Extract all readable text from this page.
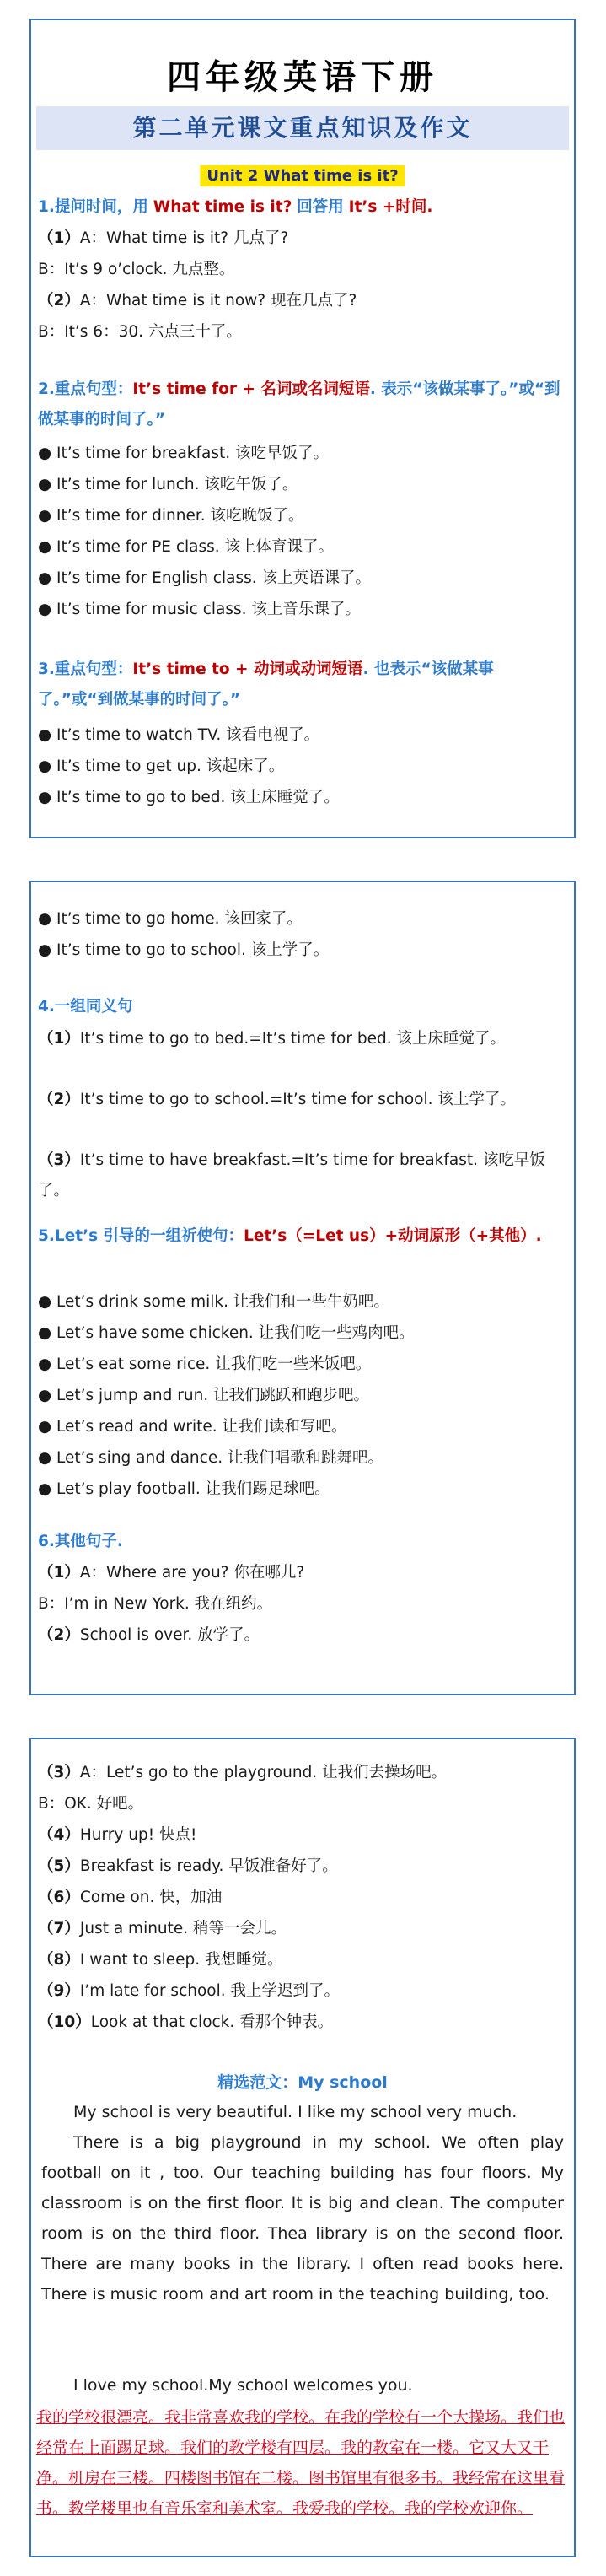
四年级英语下册
第二单元课文重点知识及作文
Unit 2 What time is it?
1.提问时间，用 What time is it? 回答用 It’s +时间.
（1）A：What time is it? 几点了?
B：It’s 9 o’clock. 九点整。
（2）A：What time is it now? 现在几点了?
B：It’s 6：30. 六点三十了。
2.重点句型：It’s time for + 名词或名词短语. 表示“该做某事了。”或“到做某事的时间了。”
● It’s time for breakfast. 该吃早饭了。
● It’s time for lunch. 该吃午饭了。
● It’s time for dinner. 该吃晚饭了。
● It’s time for PE class. 该上体育课了。
● It’s time for English class. 该上英语课了。
● It’s time for music class. 该上音乐课了。
3.重点句型：It’s time to + 动词或动词短语. 也表示“该做某事了。”或“到做某事的时间了。”
● It’s time to watch TV. 该看电视了。
● It’s time to get up. 该起床了。
● It’s time to go to bed. 该上床睡觉了。
● It’s time to go home. 该回家了。
● It’s time to go to school. 该上学了。
4.一组同义句
（1）It’s time to go to bed.=It’s time for bed. 该上床睡觉了。
（2）It’s time to go to school.=It’s time for school. 该上学了。
（3）It’s time to have breakfast.=It’s time for breakfast. 该吃早饭了。
5.Let’s 引导的一组祈使句：Let’s（=Let us）+动词原形（+其他）.
● Let’s drink some milk. 让我们和一些牛奶吧。
● Let’s have some chicken. 让我们吃一些鸡肉吧。
● Let’s eat some rice. 让我们吃一些米饭吧。
● Let’s jump and run. 让我们跳跃和跑步吧。
● Let’s read and write. 让我们读和写吧。
● Let’s sing and dance. 让我们唱歌和跳舞吧。
● Let’s play football. 让我们踢足球吧。
6.其他句子.
（1）A：Where are you? 你在哪儿?
B：I’m in New York. 我在纽约。
（2）School is over. 放学了。
（3）A：Let’s go to the playground. 让我们去操场吧。
B：OK. 好吧。
（4）Hurry up! 快点!
（5）Breakfast is ready. 早饭准备好了。
（6）Come on. 快，加油
（7）Just a minute. 稍等一会儿。
（8）I want to sleep. 我想睡觉。
（9）I’m late for school. 我上学迟到了。
（10）Look at that clock. 看那个钟表。
精选范文：My school
My school is very beautiful. I like my school very much.
There is a big playground in my school. We often play football on it , too. Our teaching building has four floors. My classroom is on the first floor. It is big and clean. The computer room is on the third floor. Thea library is on the second floor. There are many books in the library. I often read books here. There is music room and art room in the teaching building, too.
I love my school.My school welcomes you.
我的学校很漂亮。我非常喜欢我的学校。在我的学校有一个大操场。我们也经常在上面踢足球。我们的教学楼有四层。我的教室在一楼。它又大又干净。机房在三楼。四楼图书馆在二楼。图书馆里有很多书。我经常在这里看书。教学楼里也有音乐室和美术室。我爱我的学校。我的学校欢迎你。
